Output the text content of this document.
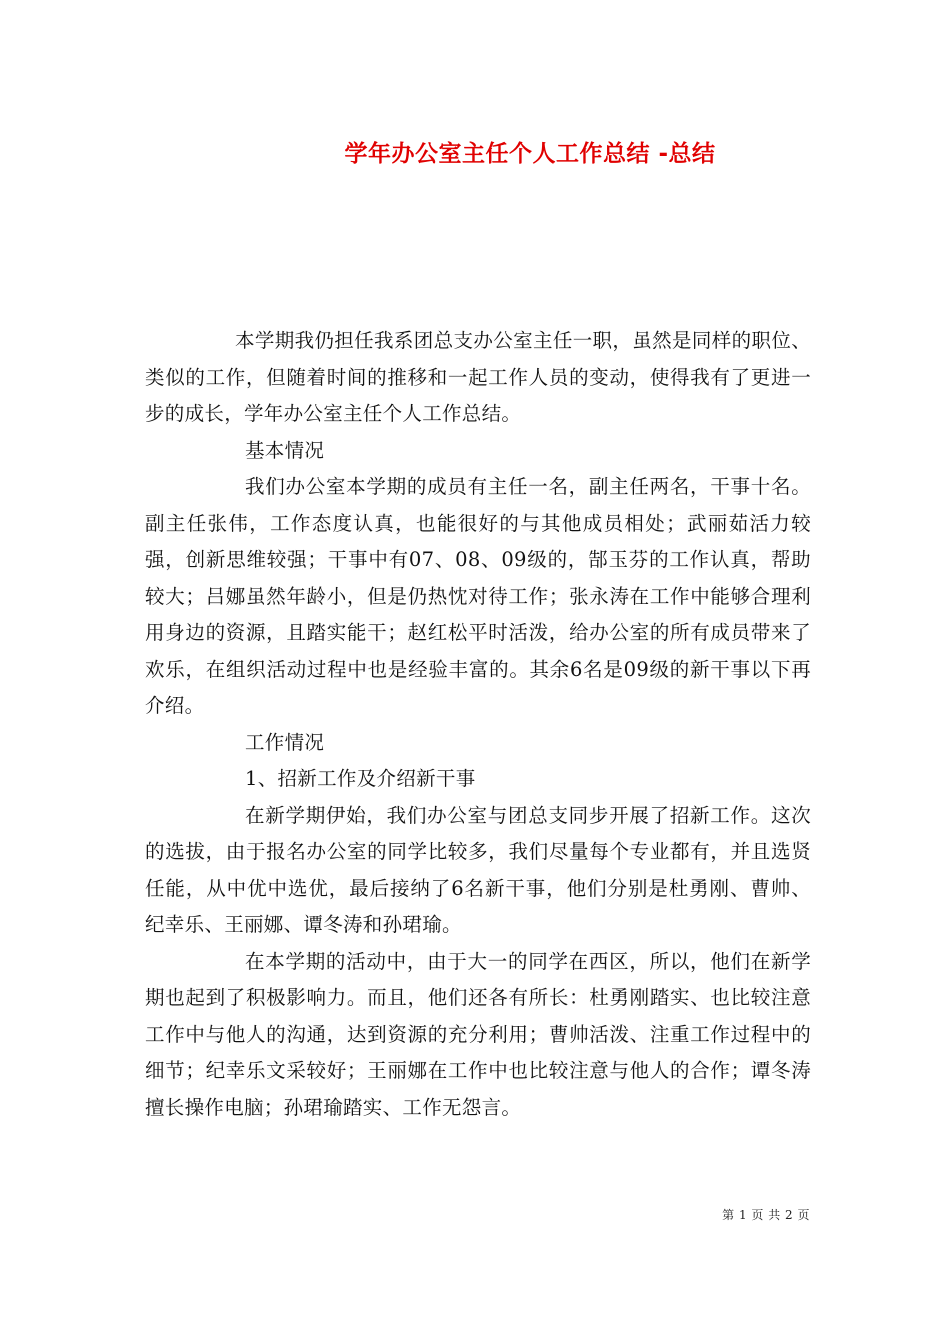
学年办公室主任个人工作总结 -总结

本学期我仍担任我系团总支办公室主任一职，虽然是同样的职位、类似的工作，但随着时间的推移和一起工作人员的变动，使得我有了更进一步的成长，学年办公室主任个人工作总结。

基本情况

我们办公室本学期的成员有主任一名，副主任两名，干事十名。副主任张伟，工作态度认真，也能很好的与其他成员相处；武丽茹活力较强，创新思维较强；干事中有07、08、09级的，郜玉芬的工作认真，帮助较大；吕娜虽然年龄小，但是仍热忱对待工作；张永涛在工作中能够合理利用身边的资源，且踏实能干；赵红松平时活泼，给办公室的所有成员带来了欢乐，在组织活动过程中也是经验丰富的。其余6名是09级的新干事以下再介绍。

工作情况

1、招新工作及介绍新干事

在新学期伊始，我们办公室与团总支同步开展了招新工作。这次的选拔，由于报名办公室的同学比较多，我们尽量每个专业都有，并且选贤任能，从中优中选优，最后接纳了6名新干事，他们分别是杜勇刚、曹帅、纪幸乐、王丽娜、谭冬涛和孙珺瑜。

在本学期的活动中，由于大一的同学在西区，所以，他们在新学期也起到了积极影响力。而且，他们还各有所长：杜勇刚踏实、也比较注意工作中与他人的沟通，达到资源的充分利用；曹帅活泼、注重工作过程中的细节；纪幸乐文采较好；王丽娜在工作中也比较注意与他人的合作；谭冬涛擅长操作电脑；孙珺瑜踏实、工作无怨言。

第 1 页 共 2 页
